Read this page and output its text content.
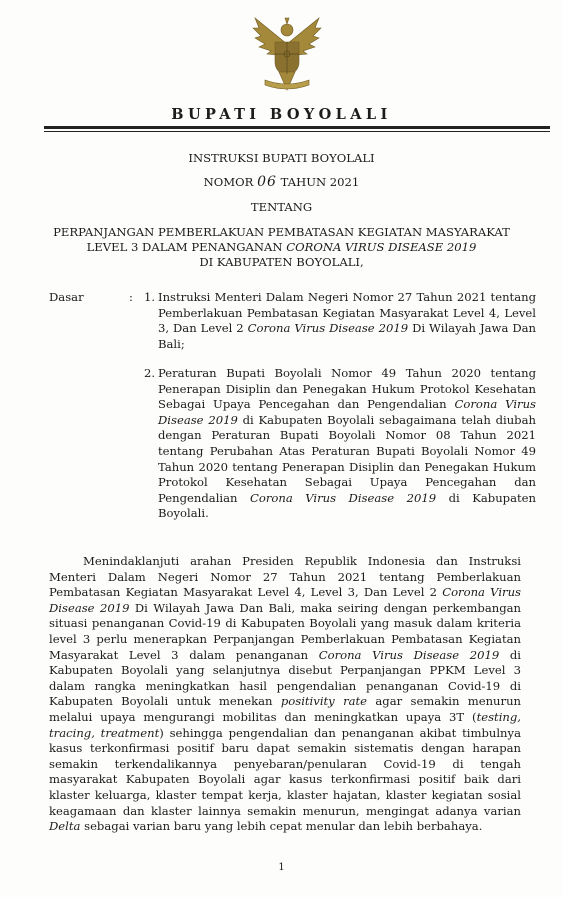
BUPATI BOYOLALI
INSTRUKSI BUPATI BOYOLALI
NOMOR 06 TAHUN 2021
TENTANG
PERPANJANGAN PEMBERLAKUAN PEMBATASAN KEGIATAN MASYARAKAT
LEVEL 3 DALAM PENANGANAN CORONA VIRUS DISEASE 2019
DI KABUPATEN BOYOLALI,
Dasar	: 1. Instruksi Menteri Dalam Negeri Nomor 27 Tahun 2021 tentang Pemberlakuan Pembatasan Kegiatan Masyarakat Level 4, Level 3, Dan Level 2 Corona Virus Disease 2019 Di Wilayah Jawa Dan Bali;
2. Peraturan Bupati Boyolali Nomor 49 Tahun 2020 tentang Penerapan Disiplin dan Penegakan Hukum Protokol Kesehatan Sebagai Upaya Pencegahan dan Pengendalian Corona Virus Disease 2019 di Kabupaten Boyolali sebagaimana telah diubah dengan Peraturan Bupati Boyolali Nomor 08 Tahun 2021 tentang Perubahan Atas Peraturan Bupati Boyolali Nomor 49 Tahun 2020 tentang Penerapan Disiplin dan Penegakan Hukum Protokol Kesehatan Sebagai Upaya Pencegahan dan Pengendalian Corona Virus Disease 2019 di Kabupaten Boyolali.
Menindaklanjuti arahan Presiden Republik Indonesia dan Instruksi Menteri Dalam Negeri Nomor 27 Tahun 2021 tentang Pemberlakuan Pembatasan Kegiatan Masyarakat Level 4, Level 3, Dan Level 2 Corona Virus Disease 2019 Di Wilayah Jawa Dan Bali, maka seiring dengan perkembangan situasi penanganan Covid-19 di Kabupaten Boyolali yang masuk dalam kriteria level 3 perlu menerapkan Perpanjangan Pemberlakuan Pembatasan Kegiatan Masyarakat Level 3 dalam penanganan Corona Virus Disease 2019 di Kabupaten Boyolali yang selanjutnya disebut Perpanjangan PPKM Level 3 dalam rangka meningkatkan hasil pengendalian penanganan Covid-19 di Kabupaten Boyolali untuk menekan positivity rate agar semakin menurun melalui upaya mengurangi mobilitas dan meningkatkan upaya 3T (testing, tracing, treatment) sehingga pengendalian dan penanganan akibat timbulnya kasus terkonfirmasi positif baru dapat semakin sistematis dengan harapan semakin terkendalikannya penyebaran/penularan Covid-19 di tengah masyarakat Kabupaten Boyolali agar kasus terkonfirmasi positif baik dari klaster keluarga, klaster tempat kerja, klaster hajatan, klaster kegiatan sosial keagamaan dan klaster lainnya semakin menurun, mengingat adanya varian Delta sebagai varian baru yang lebih cepat menular dan lebih berbahaya.
1
